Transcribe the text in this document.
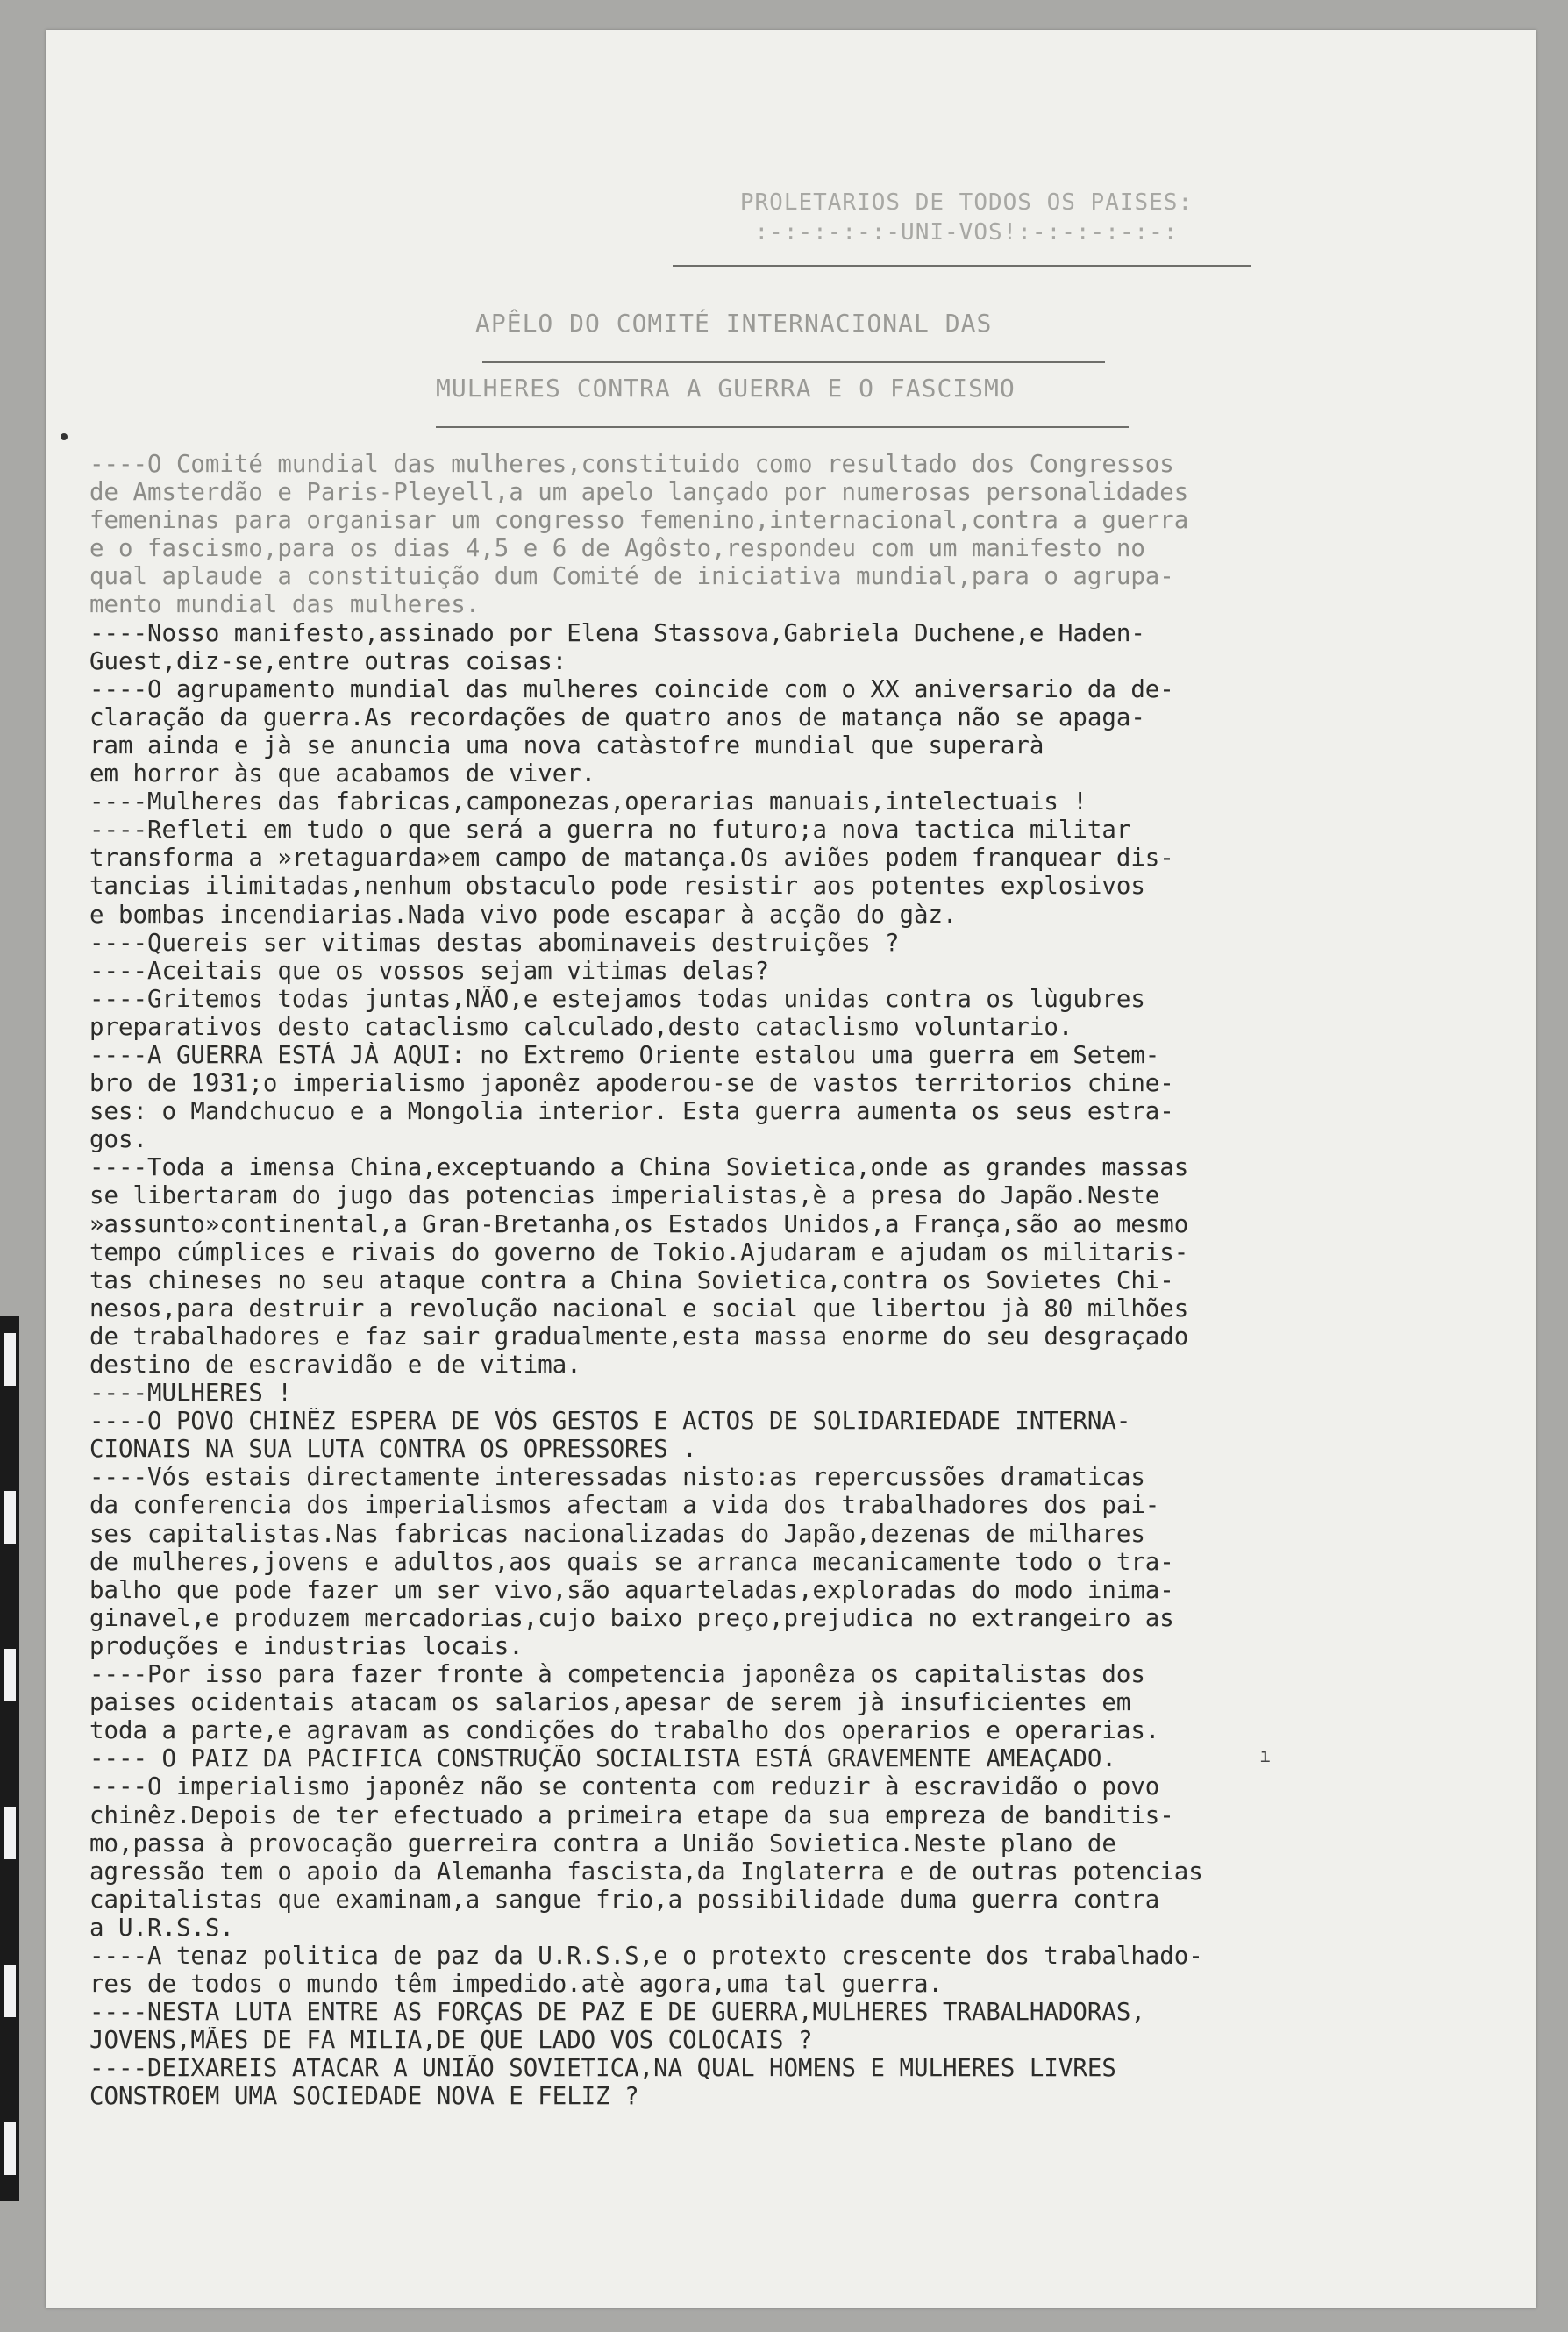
PROLETARIOS DE TODOS OS PAISES:
:-:-:-:-:-UNI-VOS!:-:-:-:-:-:
APÊLO DO COMITÉ INTERNACIONAL DAS
MULHERES CONTRA A GUERRA E O FASCISMO
----O Comité mundial das mulheres,constituido como resultado dos Congressos
de Amsterdão e Paris-Pleyell,a um apelo lançado por numerosas personalidades
femeninas para organisar um congresso femenino,internacional,contra a guerra
e o fascismo,para os dias 4,5 e 6 de Agôsto,respondeu com um manifesto no
qual aplaude a constituição dum Comité de iniciativa mundial,para o agrupa-
mento mundial das mulheres.
----Nosso manifesto,assinado por Elena Stassova,Gabriela Duchene,e Haden-
Guest,diz-se,entre outras coisas:
----O agrupamento mundial das mulheres coincide com o XX aniversario da de-
claração da guerra.As recordações de quatro anos de matança não se apaga-
ram ainda e jà se anuncia uma nova catàstofre mundial que superarà
em horror às que acabamos de viver.
----Mulheres das fabricas,camponezas,operarias manuais,intelectuais !
----Refleti em tudo o que será a guerra no futuro;a nova tactica militar
transforma a »retaguarda»em campo de matança.Os aviões podem franquear dis-
tancias ilimitadas,nenhum obstaculo pode resistir aos potentes explosivos
e bombas incendiarias.Nada vivo pode escapar à acção do gàz.
----Quereis ser vitimas destas abominaveis destruições ?
----Aceitais que os vossos sejam vitimas delas?
----Gritemos todas juntas,NÃO,e estejamos todas unidas contra os lùgubres
preparativos desto cataclismo calculado,desto cataclismo voluntario.
----A GUERRA ESTÁ JÀ AQUI: no Extremo Oriente estalou uma guerra em Setem-
bro de 1931;o imperialismo japonêz apoderou-se de vastos territorios chine-
ses: o Mandchucuo e a Mongolia interior. Esta guerra aumenta os seus estra-
gos.
----Toda a imensa China,exceptuando a China Sovietica,onde as grandes massas
se libertaram do jugo das potencias imperialistas,è a presa do Japão.Neste
»assunto»continental,a Gran-Bretanha,os Estados Unidos,a França,são ao mesmo
tempo cúmplices e rivais do governo de Tokio.Ajudaram e ajudam os militaris-
tas chineses no seu ataque contra a China Sovietica,contra os Sovietes Chi-
nesos,para destruir a revolução nacional e social que libertou jà 80 milhões
de trabalhadores e faz sair gradualmente,esta massa enorme do seu desgraçado
destino de escravidão e de vitima.
----MULHERES !
----O POVO CHINÊZ ESPERA DE VÓS GESTOS E ACTOS DE SOLIDARIEDADE INTERNA-
CIONAIS NA SUA LUTA CONTRA OS OPRESSORES .
----Vós estais directamente interessadas nisto:as repercussões dramaticas
da conferencia dos imperialismos afectam a vida dos trabalhadores dos pai-
ses capitalistas.Nas fabricas nacionalizadas do Japão,dezenas de milhares
de mulheres,jovens e adultos,aos quais se arranca mecanicamente todo o tra-
balho que pode fazer um ser vivo,são aquarteladas,exploradas do modo inima-
ginavel,e produzem mercadorias,cujo baixo preço,prejudica no extrangeiro as
produções e industrias locais.
----Por isso para fazer fronte à competencia japonêza os capitalistas dos
paises ocidentais atacam os salarios,apesar de serem jà insuficientes em
toda a parte,e agravam as condições do trabalho dos operarios e operarias.
---- O PAIZ DA PACIFICA CONSTRUÇÃO SOCIALISTA ESTÁ GRAVEMENTE AMEAÇADO.
----O imperialismo japonêz não se contenta com reduzir à escravidão o povo
chinêz.Depois de ter efectuado a primeira etape da sua empreza de banditis-
mo,passa à provocação guerreira contra a União Sovietica.Neste plano de
agressão tem o apoio da Alemanha fascista,da Inglaterra e de outras potencias
capitalistas que examinam,a sangue frio,a possibilidade duma guerra contra
a U.R.S.S.
----A tenaz politica de paz da U.R.S.S,e o protexto crescente dos trabalhado-
res de todos o mundo têm impedido.atè agora,uma tal guerra.
----NESTA LUTA ENTRE AS FORÇAS DE PAZ E DE GUERRA,MULHERES TRABALHADORAS,
JOVENS,MÃES DE FA MILIA,DE QUE LADO VOS COLOCAIS ?
----DEIXAREIS ATACAR A UNIÃO SOVIETICA,NA QUAL HOMENS E MULHERES LIVRES
CONSTROEM UMA SOCIEDADE NOVA E FELIZ ?
ı
